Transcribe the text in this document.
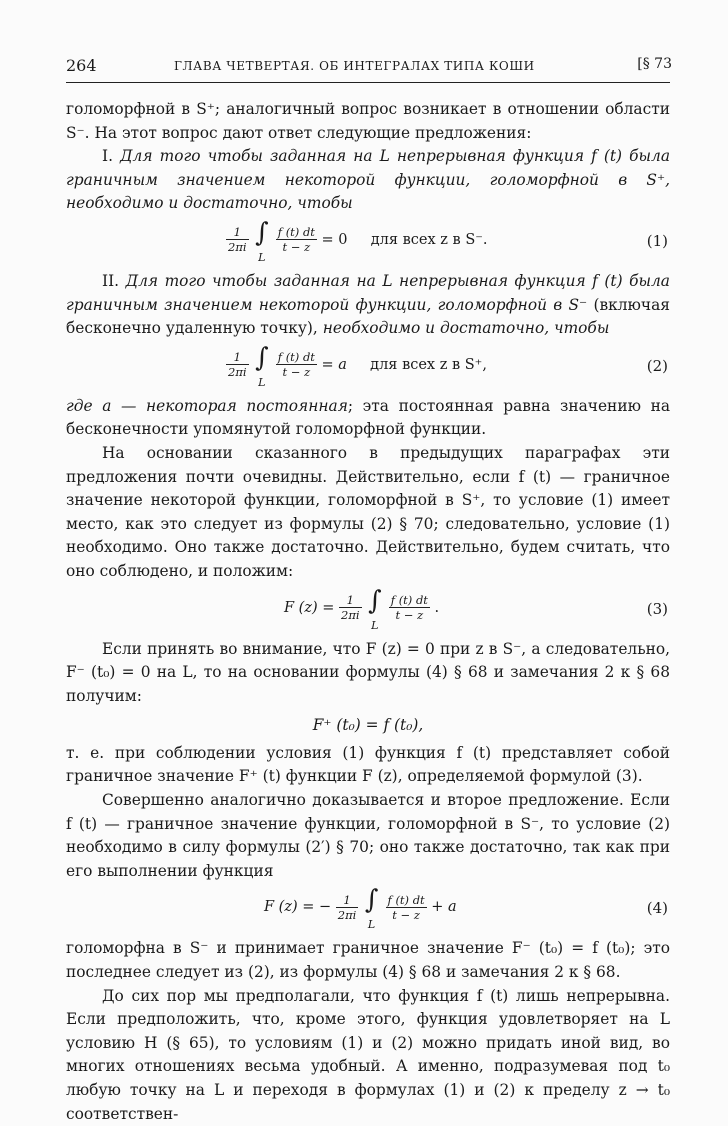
264	ГЛАВА ЧЕТВЕРТАЯ. ОБ ИНТЕГРАЛАХ ТИПА КОШИ	[§ 73

голоморфной в S⁺; аналогичный вопрос возникает в отношении области S⁻. На этот вопрос дают ответ следующие предложения:

I. Для того чтобы заданная на L непрерывная функция f (t) была граничным значением некоторой функции, голоморфной в S⁺, необходимо и достаточно, чтобы

$\frac{1}{2\pi i}$
∫
L

$\frac{f (t) dt}{t - z} = 0$ для всех z в S⁻.	(1)

II. Для того чтобы заданная на L непрерывная функция f (t) была граничным значением некоторой функции, голоморфной в S⁻ (включая бесконечно удаленную точку), необходимо и достаточно, чтобы

$\frac{1}{2\pi i}$
∫
L

$\frac{f (t) dt}{t - z} = a$ для всех z в S⁺,	(2)

где a — некоторая постоянная; эта постоянная равна значению на бесконечности упомянутой голоморфной функции.

На основании сказанного в предыдущих параграфах эти предложения почти очевидны. Действительно, если f (t) — граничное значение некоторой функции, голоморфной в S⁺, то условие (1) имеет место, как это следует из формулы (2) § 70; следовательно, условие (1) необходимо. Оно также достаточно. Действительно, будем считать, что оно соблюдено, и положим:

F $(z) = \frac{1}{2\pi i}$
∫
L

$\frac{f (t) dt}{t - z}$ .	(3)

Если принять во внимание, что F (z) = 0 при z в S⁻, а следовательно, F⁻ (t₀) = 0 на L, то на основании формулы (4) § 68 и замечания 2 к § 68 получим:

F⁺ (t₀) = f (t₀),

т. е. при соблюдении условия (1) функция f (t) представляет собой граничное значение F⁺ (t) функции F (z), определяемой формулой (3).

Совершенно аналогично доказывается и второе предложение. Если f (t) — граничное значение функции, голоморфной в S⁻, то условие (2) необходимо в силу формулы (2′) § 70; оно также достаточно, так как при его выполнении функция

F (z) = − $\frac{1}{2\pi i}$
∫
L

$\frac{f (t) dt}{t - z} + a$	(4)

голоморфна в S⁻ и принимает граничное значение F⁻ (t₀) = f (t₀); это последнее следует из (2), из формулы (4) § 68 и замечания 2 к § 68.

До сих пор мы предполагали, что функция f (t) лишь непрерывна. Если предположить, что, кроме этого, функция удовлетворяет на L условию H (§ 65), то условиям (1) и (2) можно придать иной вид, во многих отношениях весьма удобный. А именно, подразумевая под t₀ любую точку на L и переходя в формулах (1) и (2) к пределу z → t₀ соответствен-
